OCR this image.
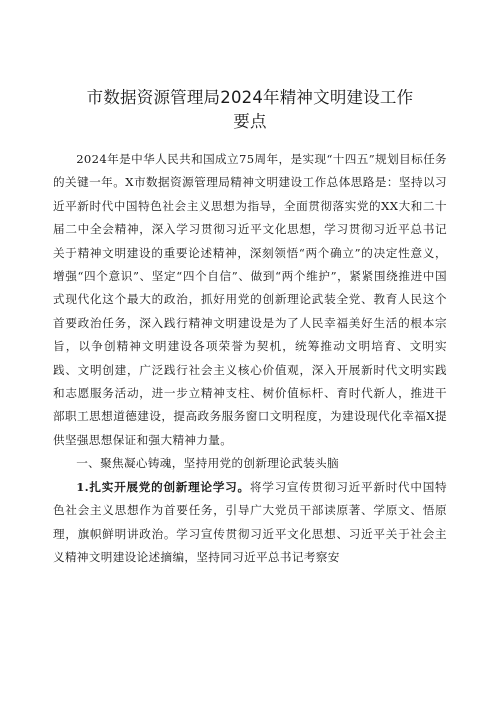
市数据资源管理局2024年精神文明建设工作
要点

2024年是中华人民共和国成立75周年，是实现“十四五”规划目标任务的关键一年。X市数据资源管理局精神文明建设工作总体思路是：坚持以习近平新时代中国特色社会主义思想为指导，全面贯彻落实党的XX大和二十届二中全会精神，深入学习贯彻习近平文化思想，学习贯彻习近平总书记关于精神文明建设的重要论述精神，深刻领悟“两个确立”的决定性意义，增强“四个意识”、坚定“四个自信”、做到“两个维护”，紧紧围绕推进中国式现代化这个最大的政治，抓好用党的创新理论武装全党、教育人民这个首要政治任务，深入践行精神文明建设是为了人民幸福美好生活的根本宗旨，以争创精神文明建设各项荣誉为契机，统筹推动文明培育、文明实践、文明创建，广泛践行社会主义核心价值观，深入开展新时代文明实践和志愿服务活动，进一步立精神支柱、树价值标杆、育时代新人，推进干部职工思想道德建设，提高政务服务窗口文明程度，为建设现代化幸福X提供坚强思想保证和强大精神力量。

一、聚焦凝心铸魂，坚持用党的创新理论武装头脑

1.扎实开展党的创新理论学习。将学习宣传贯彻习近平新时代中国特色社会主义思想作为首要任务，引导广大党员干部读原著、学原文、悟原理，旗帜鲜明讲政治。学习宣传贯彻习近平文化思想、习近平关于社会主义精神文明建设论述摘编，坚持同习近平总书记考察安
